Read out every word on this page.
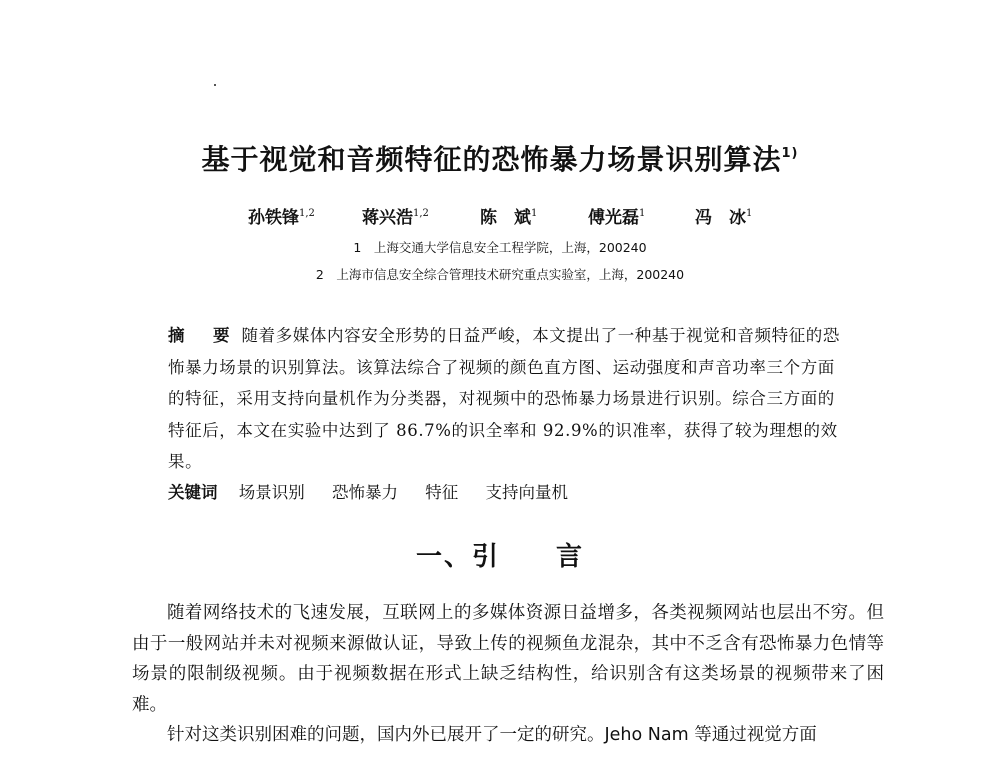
基于视觉和音频特征的恐怖暴力场景识别算法$^{1)}$
孙铁锋$^{1,2}$	蒋兴浩$^{1,2}$	陈　斌$^1$	傅光磊$^1$	冯　冰$^1$
1　上海交通大学信息安全工程学院，上海，200240
2　上海市信息安全综合管理技术研究重点实验室，上海，200240
摘　要 随着多媒体内容安全形势的日益严峻，本文提出了一种基于视觉和音频特征的恐怖暴力场景的识别算法。该算法综合了视频的颜色直方图、运动强度和声音功率三个方面的特征，采用支持向量机作为分类器，对视频中的恐怖暴力场景进行识别。综合三方面的特征后，本文在实验中达到了 86.7%的识全率和 92.9%的识准率，获得了较为理想的效果。
关键词 场景识别 恐怖暴力 特征 支持向量机
一、引　　言

随着网络技术的飞速发展，互联网上的多媒体资源日益增多，各类视频网站也层出不穷。但由于一般网站并未对视频来源做认证，导致上传的视频鱼龙混杂，其中不乏含有恐怖暴力色情等场景的限制级视频。由于视频数据在形式上缺乏结构性，给识别含有这类场景的视频带来了困难。

针对这类识别困难的问题，国内外已展开了一定的研究。Jeho Nam 等通过视觉方面
